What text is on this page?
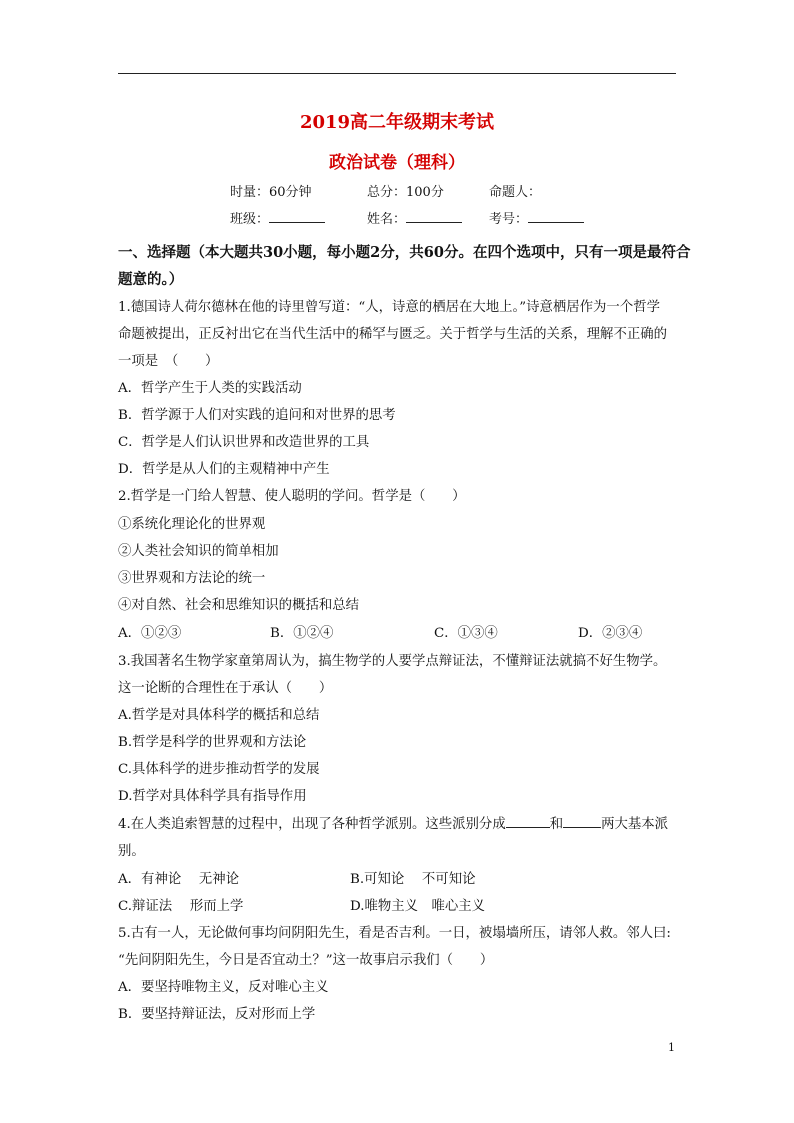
2019高二年级期末考试
政治试卷（理科）
时量：60分钟	总分：100分	命题人：
班级：	姓名：	考号：
一、选择题（本大题共30小题，每小题2分，共60分。在四个选项中，只有一项是最符合
题意的。）
1.德国诗人荷尔德林在他的诗里曾写道：“人，诗意的栖居在大地上。”诗意栖居作为一个哲学
命题被提出，正反衬出它在当代生活中的稀罕与匮乏。关于哲学与生活的关系，理解不正确的
一项是　（　　）
A．哲学产生于人类的实践活动
B．哲学源于人们对实践的追问和对世界的思考
C．哲学是人们认识世界和改造世界的工具
D．哲学是从人们的主观精神中产生
2.哲学是一门给人智慧、使人聪明的学问。哲学是（　　）
①系统化理论化的世界观
②人类社会知识的简单相加
③世界观和方法论的统一
④对自然、社会和思维知识的概括和总结
A．①②③	B．①②④	C．①③④	D．②③④
3.我国著名生物学家童第周认为，搞生物学的人要学点辩证法，不懂辩证法就搞不好生物学。
这一论断的合理性在于承认（　　）
A.哲学是对具体科学的概括和总结
B.哲学是科学的世界观和方法论
C.具体科学的进步推动哲学的发展
D.哲学对具体科学具有指导作用
4.在人类追索智慧的过程中，出现了各种哲学派别。这些派别分成	和	两大基本派
别。
A．有神论　 无神论	B.可知论　 不可知论
C.辩证法　 形而上学	D.唯物主义　唯心主义
5.古有一人，无论做何事均问阴阳先生，看是否吉利。一日，被塌墙所压，请邻人救。邻人曰:
“先问阴阳先生，今日是否宜动土？”这一故事启示我们（　　）
A．要坚持唯物主义，反对唯心主义
B．要坚持辩证法，反对形而上学
1
